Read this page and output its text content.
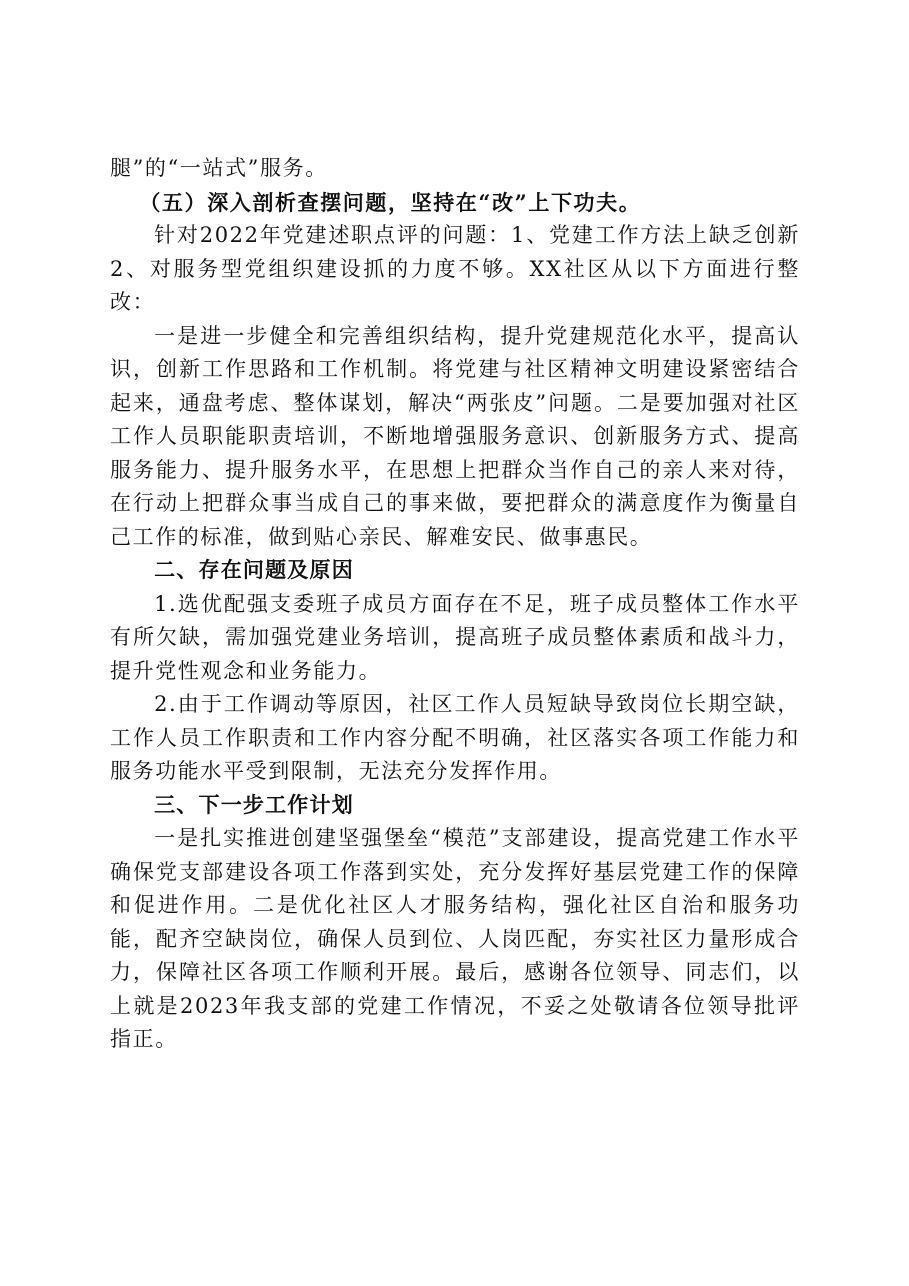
腿”的“一站式”服务。

（五）深入剖析查摆问题，坚持在“改”上下功夫。

针对2022年党建述职点评的问题：1、党建工作方法上缺乏创新2、对服务型党组织建设抓的力度不够。XX社区从以下方面进行整改：

一是进一步健全和完善组织结构，提升党建规范化水平，提高认识，创新工作思路和工作机制。将党建与社区精神文明建设紧密结合起来，通盘考虑、整体谋划，解决“两张皮”问题。二是要加强对社区工作人员职能职责培训，不断地增强服务意识、创新服务方式、提高服务能力、提升服务水平，在思想上把群众当作自己的亲人来对待，在行动上把群众事当成自己的事来做，要把群众的满意度作为衡量自己工作的标准，做到贴心亲民、解难安民、做事惠民。

二、存在问题及原因

1.选优配强支委班子成员方面存在不足，班子成员整体工作水平有所欠缺，需加强党建业务培训，提高班子成员整体素质和战斗力，提升党性观念和业务能力。

2.由于工作调动等原因，社区工作人员短缺导致岗位长期空缺，工作人员工作职责和工作内容分配不明确，社区落实各项工作能力和服务功能水平受到限制，无法充分发挥作用。

三、下一步工作计划

一是扎实推进创建坚强堡垒“模范”支部建设，提高党建工作水平确保党支部建设各项工作落到实处，充分发挥好基层党建工作的保障和促进作用。二是优化社区人才服务结构，强化社区自治和服务功能，配齐空缺岗位，确保人员到位、人岗匹配，夯实社区力量形成合力，保障社区各项工作顺利开展。最后，感谢各位领导、同志们，以上就是2023年我支部的党建工作情况，不妥之处敬请各位领导批评指正。
